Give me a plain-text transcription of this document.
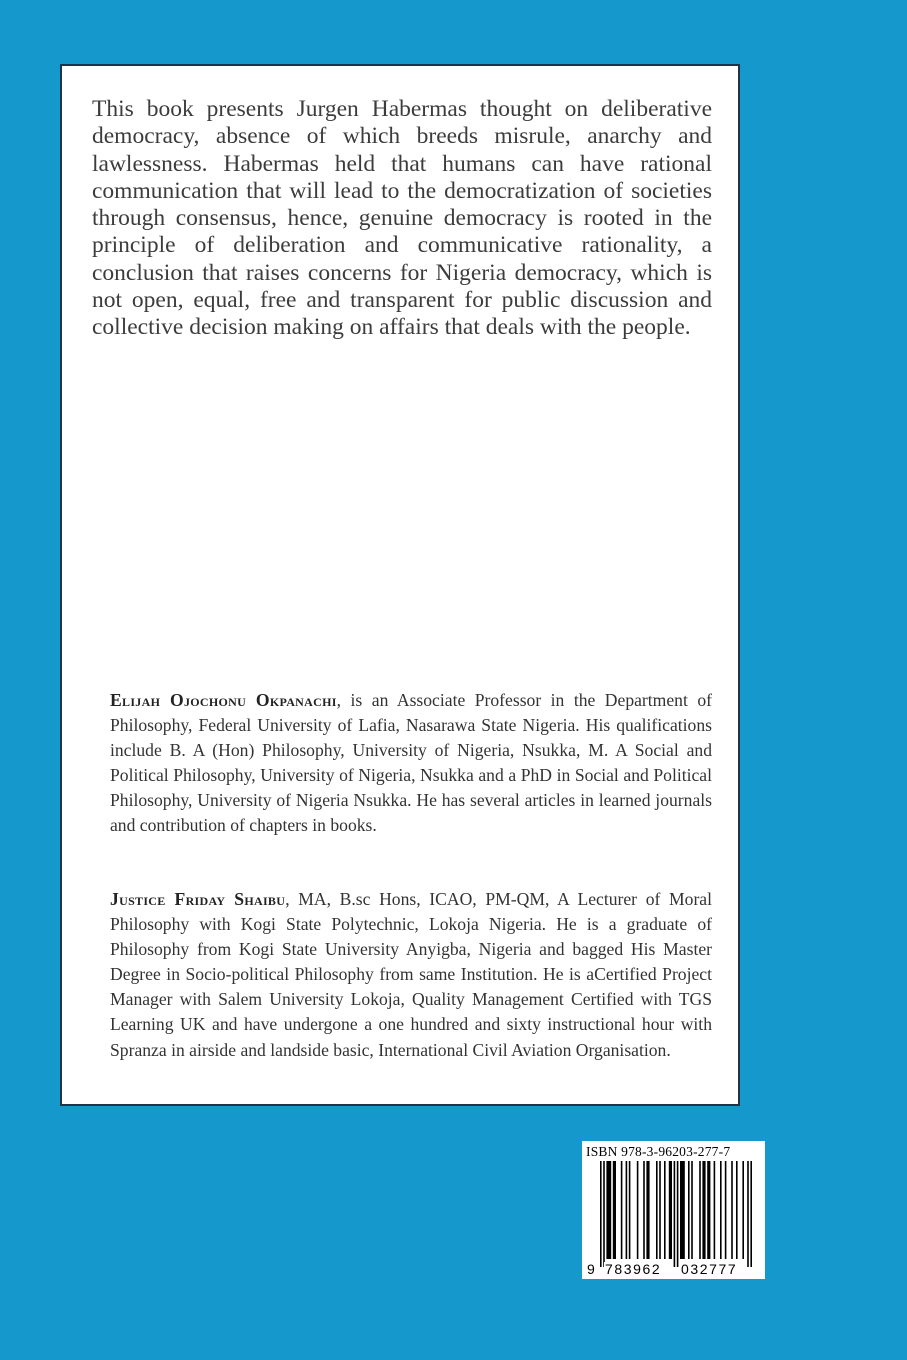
This book presents Jurgen Habermas thought on deliberative democracy, absence of which breeds misrule, anarchy and lawlessness. Habermas held that humans can have rational communication that will lead to the democratization of societies through consensus, hence, genuine democracy is rooted in the principle of deliberation and communicative rationality, a conclusion that raises concerns for Nigeria democracy, which is not open, equal, free and transparent for public discussion and collective decision making on affairs that deals with the people.

Elijah Ojochonu Okpanachi, is an Associate Professor in the Department of Philosophy, Federal University of Lafia, Nasarawa State Nigeria. His qualifications include B. A (Hon) Philosophy, University of Nigeria, Nsukka, M. A Social and Political Philosophy, University of Nigeria, Nsukka and a PhD in Social and Political Philosophy, University of Nigeria Nsukka. He has several articles in learned journals and contribution of chapters in books.

Justice Friday Shaibu, MA, B.sc Hons, ICAO, PM-QM, A Lecturer of Moral Philosophy with Kogi State Polytechnic, Lokoja Nigeria. He is a graduate of Philosophy from Kogi State University Anyigba, Nigeria and bagged His Master Degree in Socio-political Philosophy from same Institution. He is aCertified Project Manager with Salem University Lokoja, Quality Management Certified with TGS Learning UK and have undergone a one hundred and sixty instructional hour with Spranza in airside and landside basic, International Civil Aviation Organisation.

ISBN 978-3-96203-277-7
9 783962 032777
